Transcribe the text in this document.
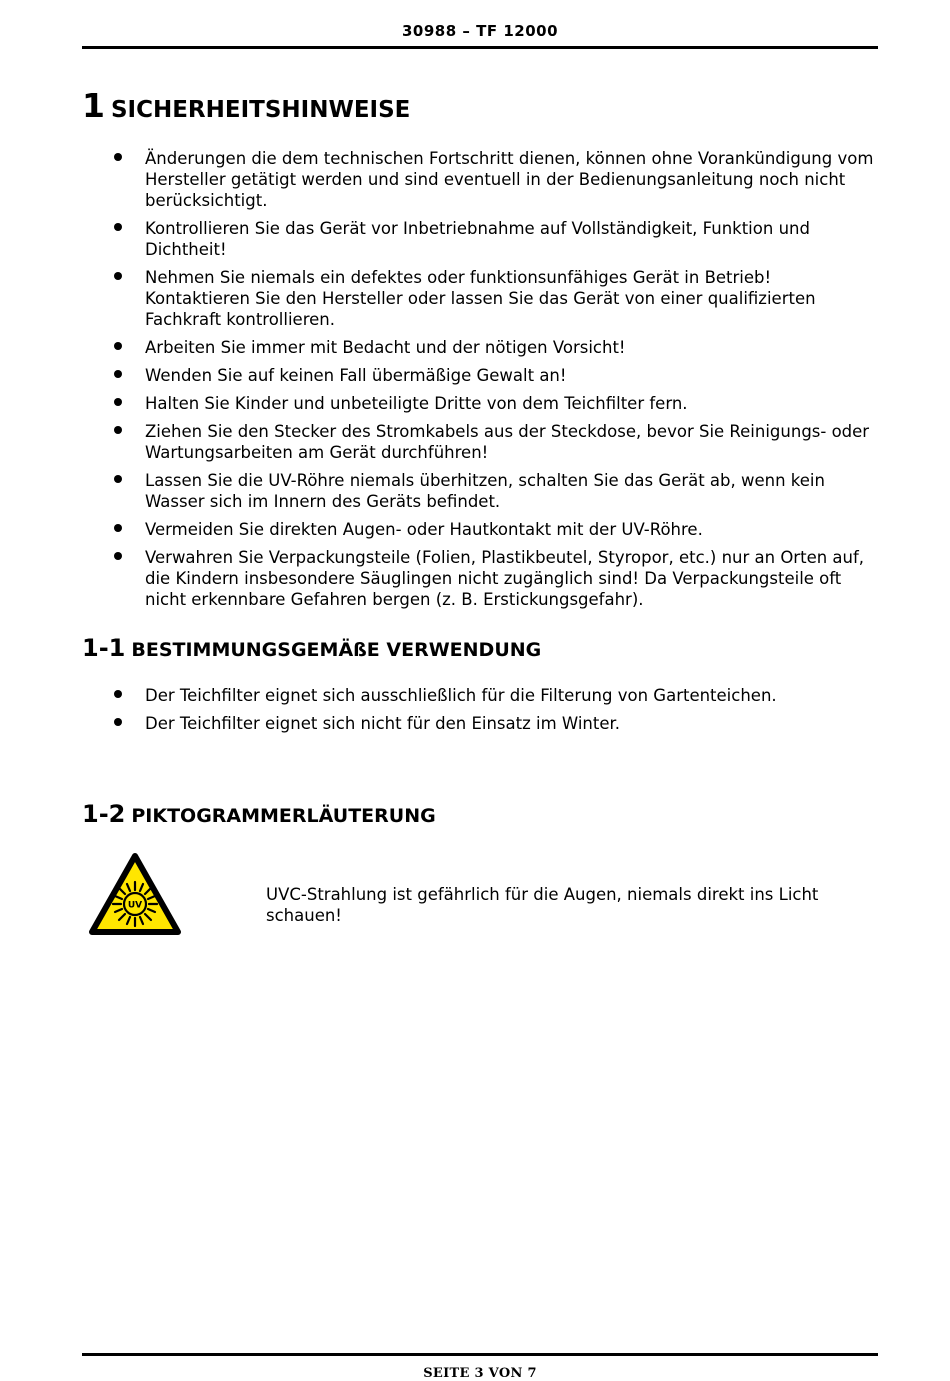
30988 – TF 12000
1 SICHERHEITSHINWEISE
Änderungen die dem technischen Fortschritt dienen, können ohne Vorankündigung vom Hersteller getätigt werden und sind eventuell in der Bedienungsanleitung noch nicht berücksichtigt.
Kontrollieren Sie das Gerät vor Inbetriebnahme auf Vollständigkeit, Funktion und Dichtheit!
Nehmen Sie niemals ein defektes oder funktionsunfähiges Gerät in Betrieb! Kontaktieren Sie den Hersteller oder lassen Sie das Gerät von einer qualifizierten Fachkraft kontrollieren.
Arbeiten Sie immer mit Bedacht und der nötigen Vorsicht!
Wenden Sie auf keinen Fall übermäßige Gewalt an!
Halten Sie Kinder und unbeteiligte Dritte von dem Teichfilter fern.
Ziehen Sie den Stecker des Stromkabels aus der Steckdose, bevor Sie Reinigungs- oder Wartungsarbeiten am Gerät durchführen!
Lassen Sie die UV-Röhre niemals überhitzen, schalten Sie das Gerät ab, wenn kein Wasser sich im Innern des Geräts befindet.
Vermeiden Sie direkten Augen- oder Hautkontakt mit der UV-Röhre.
Verwahren Sie Verpackungsteile (Folien, Plastikbeutel, Styropor, etc.) nur an Orten auf, die Kindern insbesondere Säuglingen nicht zugänglich sind! Da Verpackungsteile oft nicht erkennbare Gefahren bergen (z. B. Erstickungsgefahr).
1-1 BESTIMMUNGSGEMÄßE VERWENDUNG
Der Teichfilter eignet sich ausschließlich für die Filterung von Gartenteichen.
Der Teichfilter eignet sich nicht für den Einsatz im Winter.
1-2 PIKTOGRAMMERLÄUTERUNG
UV
UVC-Strahlung ist gefährlich für die Augen, niemals direkt ins Licht schauen!
SEITE 3 VON 7
